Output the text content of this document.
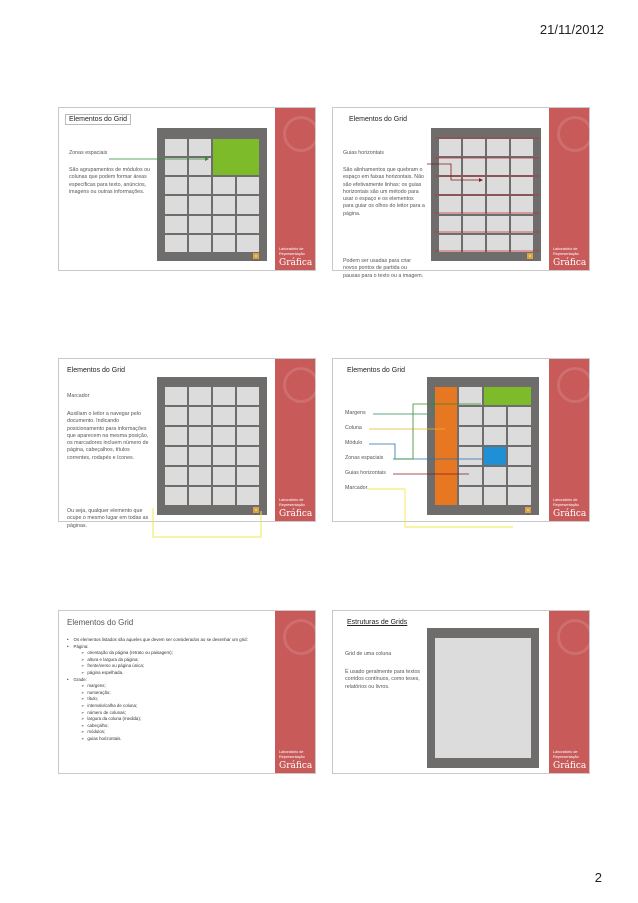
21/11/2012
Laboratório de Representação
Gráfica
Elementos do Grid
Zonas espaciais
São agrupamentos de módulos ou colunas que podem formar áreas específicas para texto, anúncios, imagens ou outras informações.
x
Laboratório de Representação
Gráfica
Elementos do Grid
Guias horizontais
São alinhamentos que quebram o espaço em faixas horizontais. Não são efetivamente linhas: os guias horizontais são um método para usar o espaço e os elementos para guiar os olhos do leitor para a página.
Podem ser usadas para criar novos pontos de partida ou pausas para o texto ou a imagem.
x
Laboratório de Representação
Gráfica
Elementos do Grid
Marcador
Auxiliam o leitor a navegar pelo documento. Indicando posicionamento para informações que aparecem na mesma posição, os marcadores incluem número de página, cabeçalhos, títulos correntes, rodapés e ícones.
Ou seja, qualquer elemento que ocupe o mesmo lugar em todas as páginas.
x
Laboratório de Representação
Gráfica
Elementos do Grid
x
Margens
Coluna
Módulo
Zonas espaciais
Guias horizontais
Marcador
Laboratório de Representação
Gráfica
Elementos do Grid
• Os elementos listados são aqueles que devem ser considerados ao se desenhar um grid:
• Página:
➢ orientação da página (retrato ou paisagem);
➢ altura e largura da página;
➢ frente/verso ou página única;
➢ página espelhada.
• Grade:
➢ margens;
➢ numeração;
➢ título;
➢ intervalo/calha de coluna;
➢ número de colunas;
➢ largura da coluna (medida);
➢ cabeçalho;
➢ módulos;
➢ guias horizontais.
Laboratório de Representação
Gráfica
Estruturas de Grids
Grid de uma coluna
É usado geralmente para textos corridos contínuos, como teses, relatórios ou livros.
2
